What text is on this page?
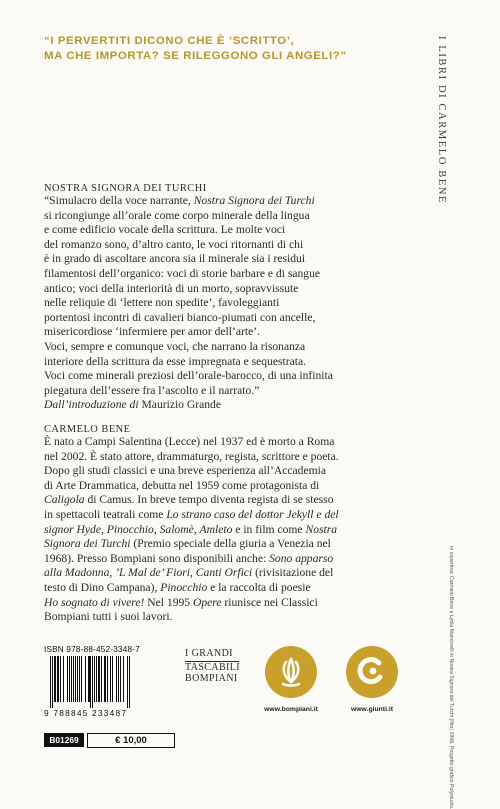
“I PERVERTITI DICONO CHE È ‘SCRITTO’,
MA CHE IMPORTA? SE RILEGGONO GLI ANGELI?”	I LIBRI DI CARMELO BENE
NOSTRA SIGNORA DEI TURCHI
“Simulacro della voce narrante, Nostra Signora dei Turchi
si ricongiunge all’orale come corpo minerale della lingua
e come edificio vocale della scrittura. Le molte voci
del romanzo sono, d’altro canto, le voci ritornanti di chi
è in grado di ascoltare ancora sia il minerale sia i residui
filamentosi dell’organico: voci di storie barbare e di sangue
antico; voci della interiorità di un morto, sopravvissute
nelle reliquie di ‘lettere non spedite’, favoleggianti
portentosi incontri di cavalieri bianco-piumati con ancelle,
misericordiose ‘infermiere per amor dell’arte’.
Voci, sempre e comunque voci, che narrano la risonanza
interiore della scrittura da esse impregnata e sequestrata.
Voci come minerali preziosi dell’orale-barocco, di una infinita
piegatura dell’essere fra l’ascolto e il narrato.”
Dall’introduzione di Maurizio Grande
CARMELO BENE
È nato a Campi Salentina (Lecce) nel 1937 ed è morto a Roma
nel 2002. È stato attore, drammaturgo, regista, scrittore e poeta.
Dopo gli studi classici e una breve esperienza all’Accademia
di Arte Drammatica, debutta nel 1959 come protagonista di
Caligola di Camus. In breve tempo diventa regista di se stesso
in spettacoli teatrali come Lo strano caso del dottor Jekyll e del
signor Hyde, Pinocchio, Salomè, Amleto e in film come Nostra
Signora dei Turchi (Premio speciale della giuria a Venezia nel
1968). Presso Bompiani sono disponibili anche: Sono apparso
alla Madonna, ’L Mal de’ Fiori, Canti Orfici (rivisitazione del
testo di Dino Campana), Pinocchio e la raccolta di poesie
Ho sognato di vivere! Nel 1995 Opere riunisce nei Classici
Bompiani tutti i suoi lavori.
ISBN 978-88-452-3348-7
9 788845 233487
B01269	€ 10,00
I GRANDI
TASCABILI
BOMPIANI
www.bompiani.it	www.giunti.it	In copertina: Carmelo Bene e Lydia Mancinelli in Nostra Signora dei Turchi (film) 1968. Progetto grafico Polystudio.
